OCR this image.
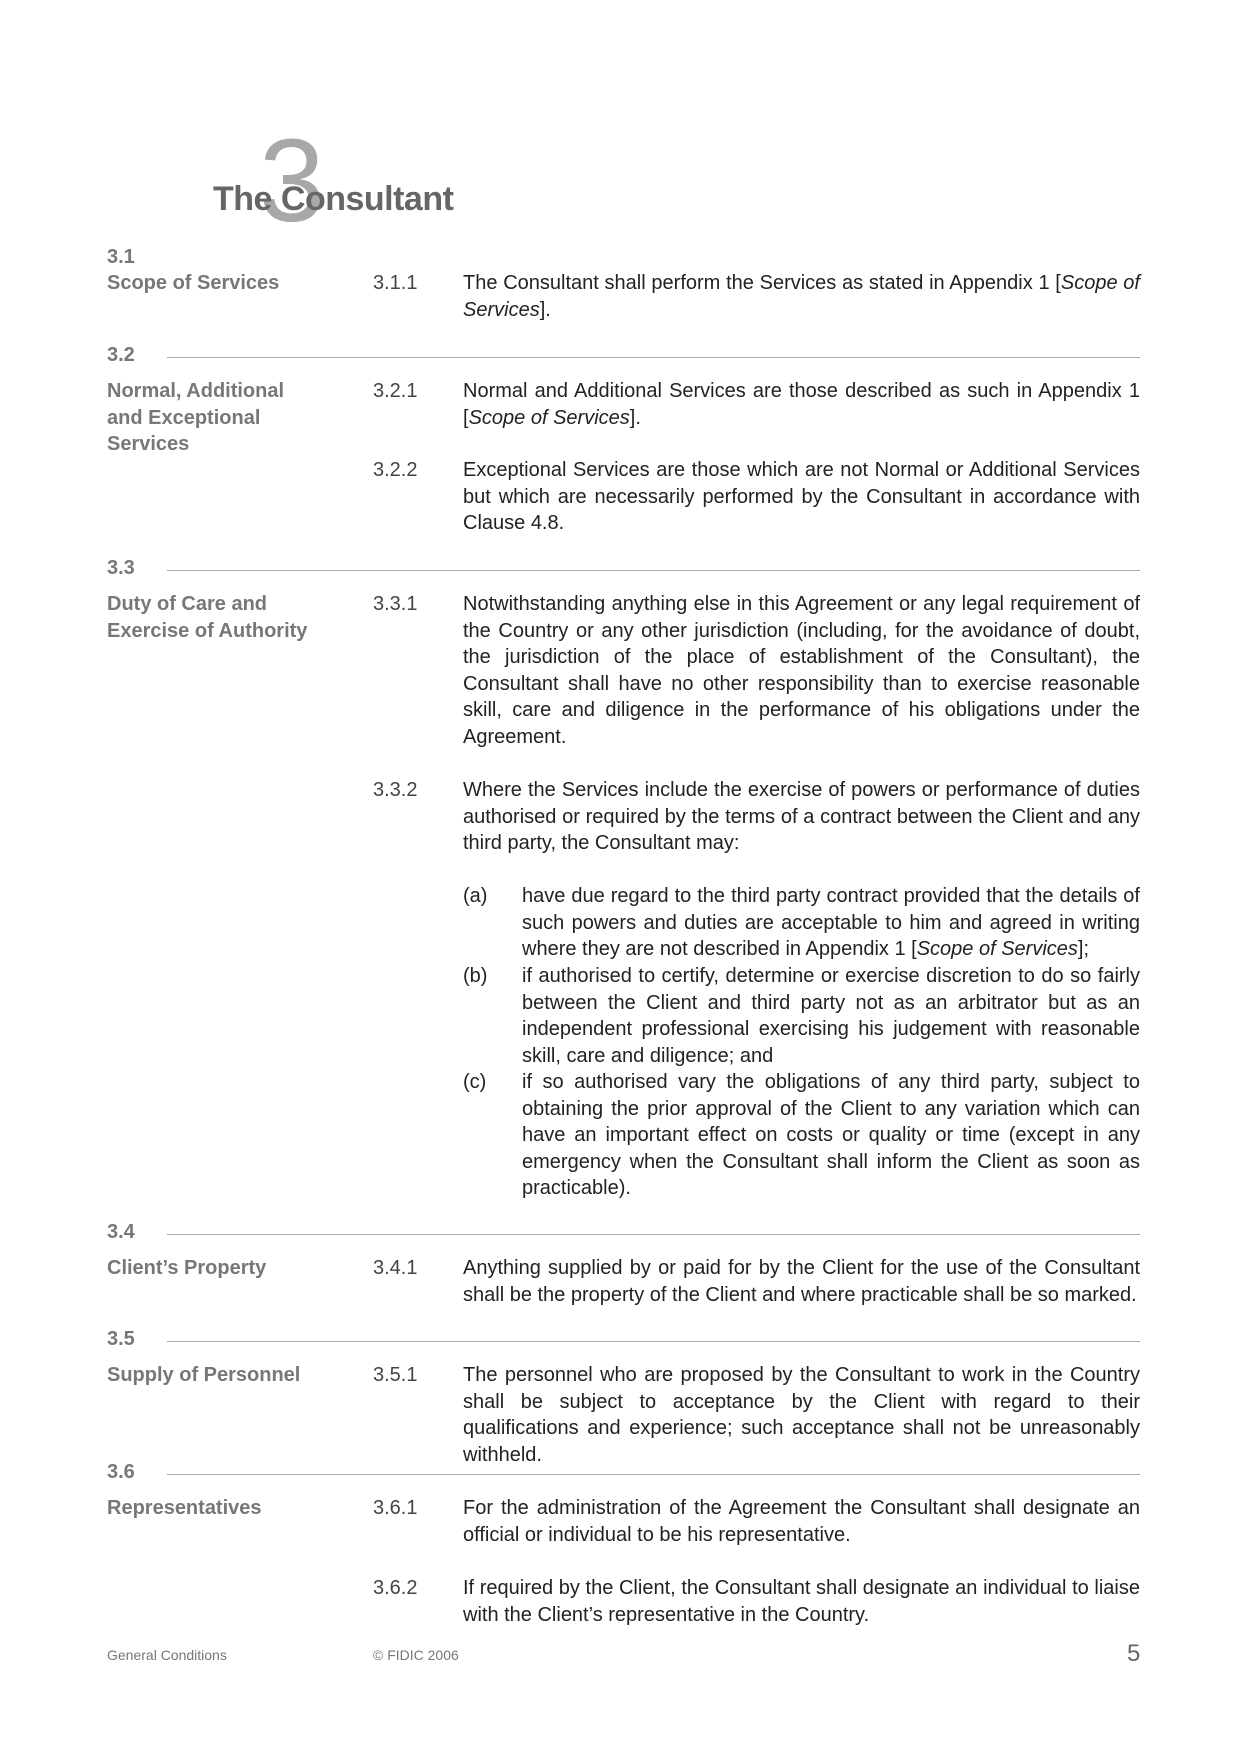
3
The Consultant
3.1
Scope of Services	3.1.1 The Consultant shall perform the Services as stated in Appendix 1 [Scope of Services].
3.2
Normal, Additional and Exceptional Services
3.2.1 Normal and Additional Services are those described as such in Appendix 1 [Scope of Services].
3.2.2 Exceptional Services are those which are not Normal or Additional Services but which are necessarily performed by the Consultant in accordance with Clause 4.8.
3.3
Duty of Care and Exercise of Authority
3.3.1 Notwithstanding anything else in this Agreement or any legal requirement of the Country or any other jurisdiction (including, for the avoidance of doubt, the jurisdiction of the place of establishment of the Consultant), the Consultant shall have no other responsibility than to exercise reasonable skill, care and diligence in the performance of his obligations under the Agreement.
3.3.2 Where the Services include the exercise of powers or performance of duties authorised or required by the terms of a contract between the Client and any third party, the Consultant may:
(a) have due regard to the third party contract provided that the details of such powers and duties are acceptable to him and agreed in writing where they are not described in Appendix 1 [Scope of Services];
(b) if authorised to certify, determine or exercise discretion to do so fairly between the Client and third party not as an arbitrator but as an independent professional exercising his judgement with reasonable skill, care and diligence; and
(c) if so authorised vary the obligations of any third party, subject to obtaining the prior approval of the Client to any variation which can have an important effect on costs or quality or time (except in any emergency when the Consultant shall inform the Client as soon as practicable).
3.4
Client’s Property	3.4.1 Anything supplied by or paid for by the Client for the use of the Consultant shall be the property of the Client and where practicable shall be so marked.
3.5
Supply of Personnel	3.5.1 The personnel who are proposed by the Consultant to work in the Country shall be subject to acceptance by the Client with regard to their qualifications and experience; such acceptance shall not be unreasonably withheld.
3.6
Representatives	3.6.1 For the administration of the Agreement the Consultant shall designate an official or individual to be his representative.
3.6.2 If required by the Client, the Consultant shall designate an individual to liaise with the Client’s representative in the Country.
General Conditions	© FIDIC 2006	5
